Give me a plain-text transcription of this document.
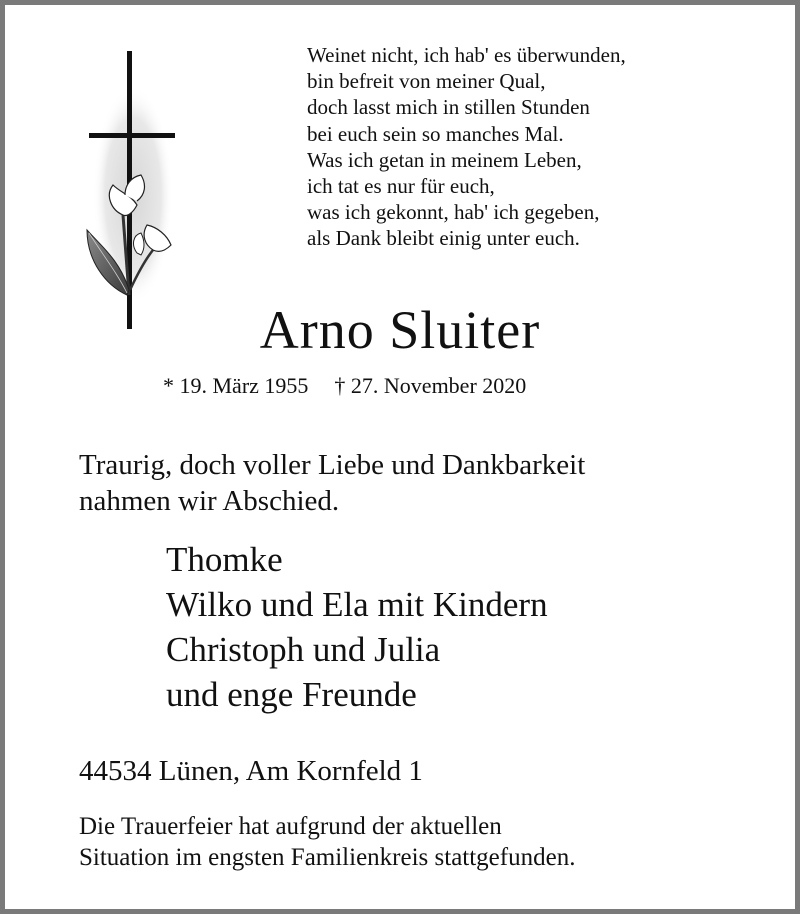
Weinet nicht, ich hab' es überwunden,
bin befreit von meiner Qual,
doch lasst mich in stillen Stunden
bei euch sein so manches Mal.
Was ich getan in meinem Leben,
ich tat es nur für euch,
was ich gekonnt, hab' ich gegeben,
als Dank bleibt einig unter euch.
Arno Sluiter
* 19. März 1955 † 27. November 2020
Traurig, doch voller Liebe und Dankbarkeit
nahmen wir Abschied.
Thomke
Wilko und Ela mit Kindern
Christoph und Julia
und enge Freunde
44534 Lünen, Am Kornfeld 1
Die Trauerfeier hat aufgrund der aktuellen
Situation im engsten Familienkreis stattgefunden.
